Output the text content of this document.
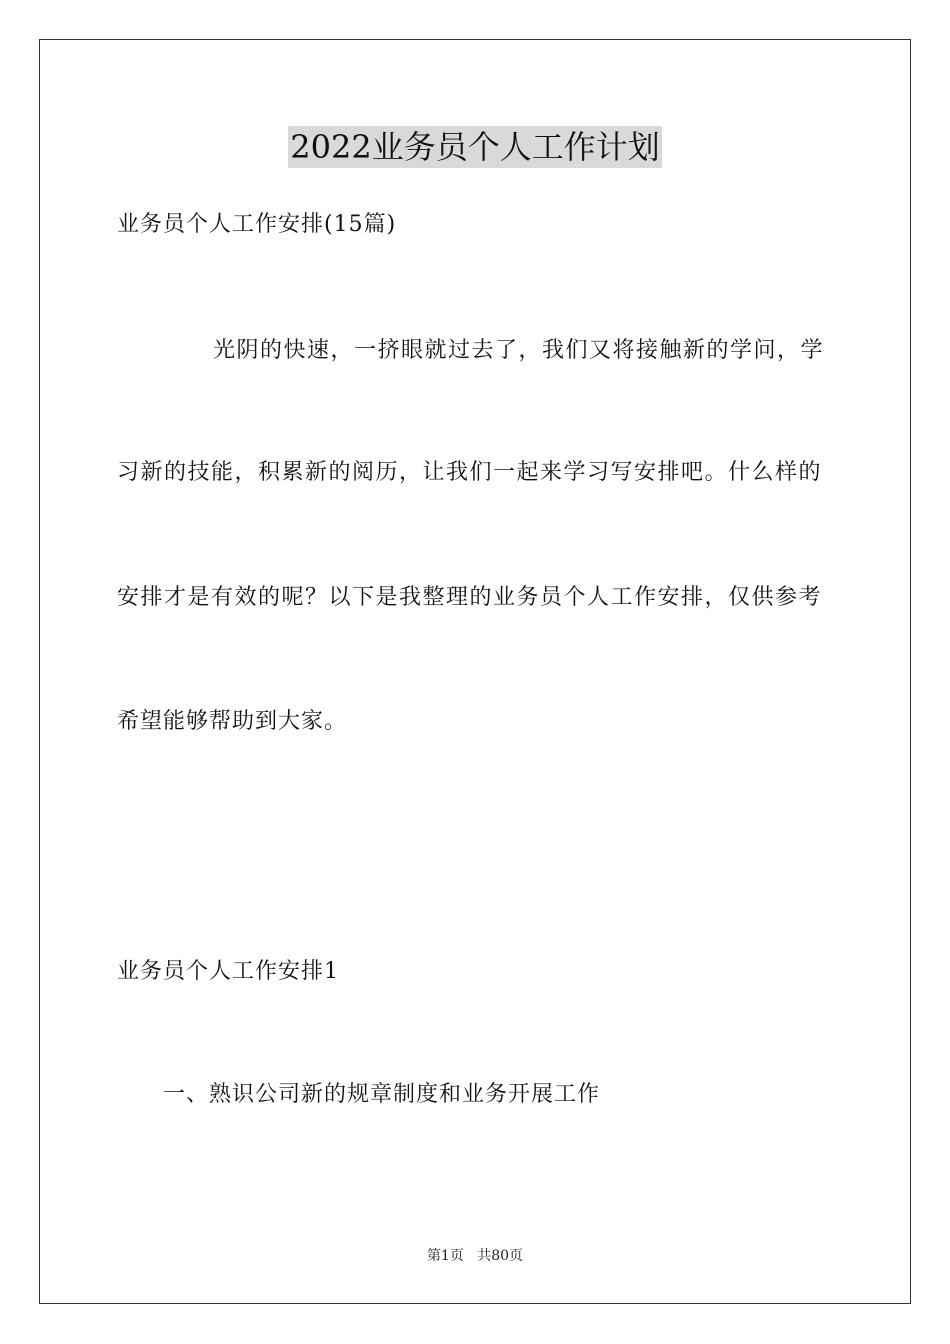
2022业务员个人工作计划
业务员个人工作安排(15篇)
光阴的快速，一挤眼就过去了，我们又将接触新的学问，学
习新的技能，积累新的阅历，让我们一起来学习写安排吧。什么样的
安排才是有效的呢？以下是我整理的业务员个人工作安排，仅供参考
希望能够帮助到大家。
业务员个人工作安排1
一、熟识公司新的规章制度和业务开展工作
第1页 共80页
